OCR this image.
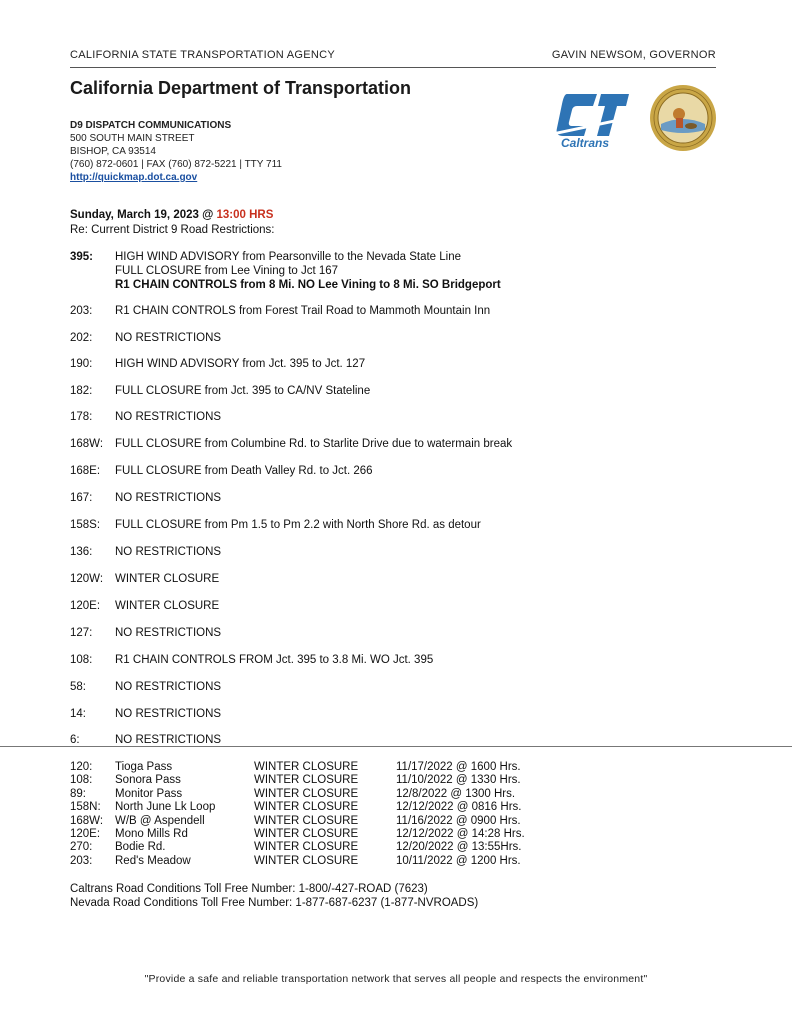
CALIFORNIA STATE TRANSPORTATION AGENCY	GAVIN NEWSOM, GOVERNOR
California Department of Transportation
D9 DISPATCH COMMUNICATIONS
500 SOUTH MAIN STREET
BISHOP, CA 93514
(760) 872-0601 | FAX (760) 872-5221 | TTY 711
http://quickmap.dot.ca.gov
Caltrans
Sunday, March 19, 2023 @ 13:00 HRS
Re: Current District 9 Road Restrictions:
395:	HIGH WIND ADVISORY from Pearsonville to the Nevada State Line
FULL CLOSURE from Lee Vining to Jct 167
R1 CHAIN CONTROLS from 8 Mi. NO Lee Vining to 8 Mi. SO Bridgeport
203:	R1 CHAIN CONTROLS from Forest Trail Road to Mammoth Mountain Inn
202:	NO RESTRICTIONS
190:	HIGH WIND ADVISORY from Jct. 395 to Jct. 127
182:	FULL CLOSURE from Jct. 395 to CA/NV Stateline
178:	NO RESTRICTIONS
168W:	FULL CLOSURE from Columbine Rd. to Starlite Drive due to watermain break
168E:	FULL CLOSURE from Death Valley Rd. to Jct. 266
167:	NO RESTRICTIONS
158S:	FULL CLOSURE from Pm 1.5 to Pm 2.2 with North Shore Rd. as detour
136:	NO RESTRICTIONS
120W:	WINTER CLOSURE
120E:	WINTER CLOSURE
127:	NO RESTRICTIONS
108:	R1 CHAIN CONTROLS FROM Jct. 395 to 3.8 Mi. WO Jct. 395
58:	NO RESTRICTIONS
14:	NO RESTRICTIONS
6:	NO RESTRICTIONS
120:	Tioga Pass	WINTER CLOSURE	11/17/2022 @ 1600 Hrs.
108:	Sonora Pass	WINTER CLOSURE	11/10/2022 @ 1330 Hrs.
89:	Monitor Pass	WINTER CLOSURE	12/8/2022 @ 1300 Hrs.
158N:	North June Lk Loop	WINTER CLOSURE	12/12/2022 @ 0816 Hrs.
168W:	W/B @ Aspendell	WINTER CLOSURE	11/16/2022 @ 0900 Hrs.
120E:	Mono Mills Rd	WINTER CLOSURE	12/12/2022 @ 14:28 Hrs.
270:	Bodie Rd.	WINTER CLOSURE	12/20/2022 @ 13:55Hrs.
203:	Red's Meadow	WINTER CLOSURE	10/11/2022 @ 1200 Hrs.
Caltrans Road Conditions Toll Free Number: 1-800/-427-ROAD (7623)
Nevada Road Conditions Toll Free Number: 1-877-687-6237 (1-877-NVROADS)
"Provide a safe and reliable transportation network that serves all people and respects the environment"
